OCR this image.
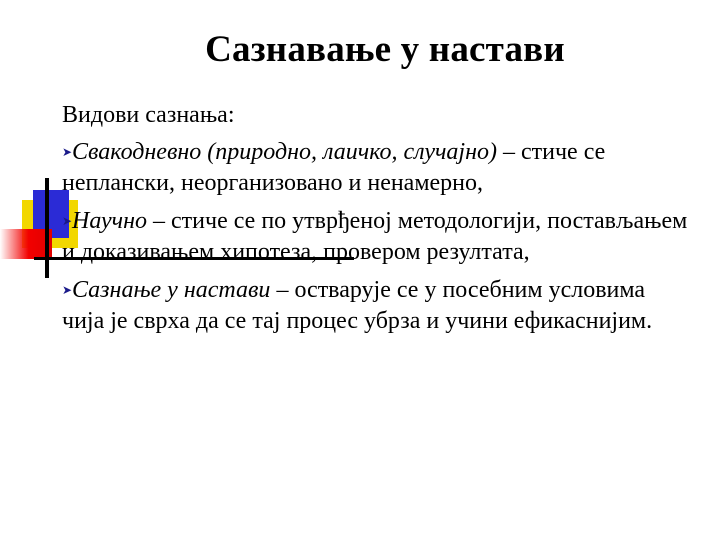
Сазнавање у настави
Видови сазнања:
➤Свакодневно (природно, лаичко, случајно) – стиче се непланcки, неорганизовано и ненамерно,
➤Научно – стиче се по утврђеној методологији, постављањем и доказивањем хипотеза, провером резултата,
➤Сазнање у настави – остварује се у посебним условима чија је сврха да се тај процес убрза и учини ефикаснијим.
